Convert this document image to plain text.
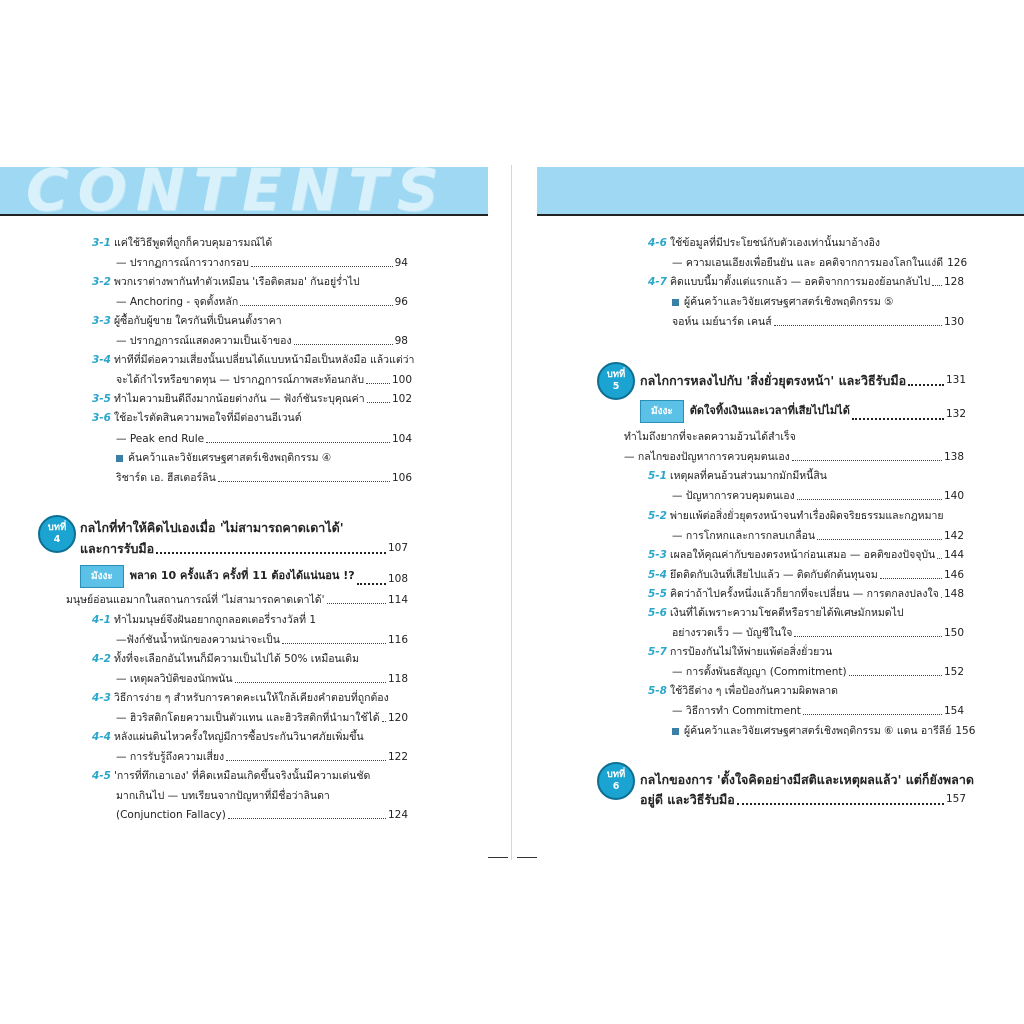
CONTENTS
3-1 แค่ใช้วิธีพูดที่ถูกก็ควบคุมอารมณ์ได้
— ปรากฏการณ์การวางกรอบ	94
3-2 พวกเราต่างพากันทำตัวเหมือน 'เรือติดสมอ' กันอยู่ร่ำไป
— Anchoring - จุดตั้งหลัก	96
3-3 ผู้ซื้อกับผู้ขาย ใครกันที่เป็นคนตั้งราคา
— ปรากฏการณ์แสดงความเป็นเจ้าของ	98
3-4 ท่าทีที่มีต่อความเสี่ยงนั้นเปลี่ยนได้แบบหน้ามือเป็นหลังมือ แล้วแต่ว่า
จะได้กำไรหรือขาดทุน — ปรากฏการณ์ภาพสะท้อนกลับ	100
3-5 ทำไมความยินดีถึงมากน้อยต่างกัน — ฟังก์ชันระบุคุณค่า	102
3-6 ใช้อะไรตัดสินความพอใจที่มีต่องานอีเวนต์
— Peak end Rule	104
ค้นคว้าและวิจัยเศรษฐศาสตร์เชิงพฤติกรรม ④
ริชาร์ด เอ. ฮีสเตอร์ลิน	106
บทที่
4
กลไกที่ทำให้คิดไปเองเมื่อ 'ไม่สามารถคาดเดาได้'
และการรับมือ	107
มังงะ พลาด 10 ครั้งแล้ว ครั้งที่ 11 ต้องได้แน่นอน !?	108
มนุษย์อ่อนแอมากในสถานการณ์ที่ 'ไม่สามารถคาดเดาได้'	114
4-1 ทำไมมนุษย์จึงฝันอยากถูกลอตเตอรี่รางวัลที่ 1
—ฟังก์ชันน้ำหนักของความน่าจะเป็น	116
4-2 ทั้งที่จะเลือกอันไหนก็มีความเป็นไปได้ 50% เหมือนเดิม
— เหตุผลวิบัติของนักพนัน	118
4-3 วิธีการง่าย ๆ สำหรับการคาดคะเนให้ใกล้เคียงคำตอบที่ถูกต้อง
— ฮิวริสติกโดยความเป็นตัวแทน และฮิวริสติกที่นำมาใช้ได้ 120
4-4 หลังแผ่นดินไหวครั้งใหญ่มีการซื้อประกันวินาศภัยเพิ่มขึ้น
— การรับรู้ถึงความเสี่ยง	122
4-5 'การที่ทึกเอาเอง' ที่คิดเหมือนเกิดขึ้นจริงนั้นมีความเด่นชัด
มากเกินไป — บทเรียนจากปัญหาที่มีชื่อว่าลินดา
(Conjunction Fallacy)	124
4-6 ใช้ข้อมูลที่มีประโยชน์กับตัวเองเท่านั้นมาอ้างอิง
— ความเอนเอียงเพื่อยืนยัน และ อคติจากการมองโลกในแง่ดี 126
4-7 คิดแบบนี้มาตั้งแต่แรกแล้ว — อคติจากการมองย้อนกลับไป 128
ผู้ค้นคว้าและวิจัยเศรษฐศาสตร์เชิงพฤติกรรม ⑤
จอห์น เมย์นาร์ด เคนส์	130
บทที่
5 กลไกการหลงไปกับ 'สิ่งยั่วยุตรงหน้า' และวิธีรับมือ	131
มังงะ ตัดใจทิ้งเงินและเวลาที่เสียไปไม่ได้	132
ทำไมถึงยากที่จะลดความอ้วนได้สำเร็จ
— กลไกของปัญหาการควบคุมตนเอง	138
5-1 เหตุผลที่คนอ้วนส่วนมากมักมีหนี้สิน
— ปัญหาการควบคุมตนเอง	140
5-2 พ่ายแพ้ต่อสิ่งยั่วยุตรงหน้าจนทำเรื่องผิดจริยธรรมและกฎหมาย
— การโกหกและการกลบเกลื่อน	142
5-3 เผลอให้คุณค่ากับของตรงหน้าก่อนเสมอ — อคติของปัจจุบัน 144
5-4 ยึดติดกับเงินที่เสียไปแล้ว — ติดกับดักต้นทุนจม	146
5-5 คิดว่าถ้าไปครั้งหนึ่งแล้วก็ยากที่จะเปลี่ยน — การตกลงปลงใจ 148
5-6 เงินที่ได้เพราะความโชคดีหรือรายได้พิเศษมักหมดไป
อย่างรวดเร็ว — บัญชีในใจ	150
5-7 การป้องกันไม่ให้พ่ายแพ้ต่อสิ่งยั่วยวน
— การตั้งพันธสัญญา (Commitment)	152
5-8 ใช้วิธีต่าง ๆ เพื่อป้องกันความผิดพลาด
— วิธีการทำ Commitment	154
ผู้ค้นคว้าและวิจัยเศรษฐศาสตร์เชิงพฤติกรรม ⑥ แดน อารีลีย์ 156
บทที่
6 กลไกของการ 'ตั้งใจคิดอย่างมีสติและเหตุผลแล้ว' แต่ก็ยังพลาด
อยู่ดี และวิธีรับมือ	157
